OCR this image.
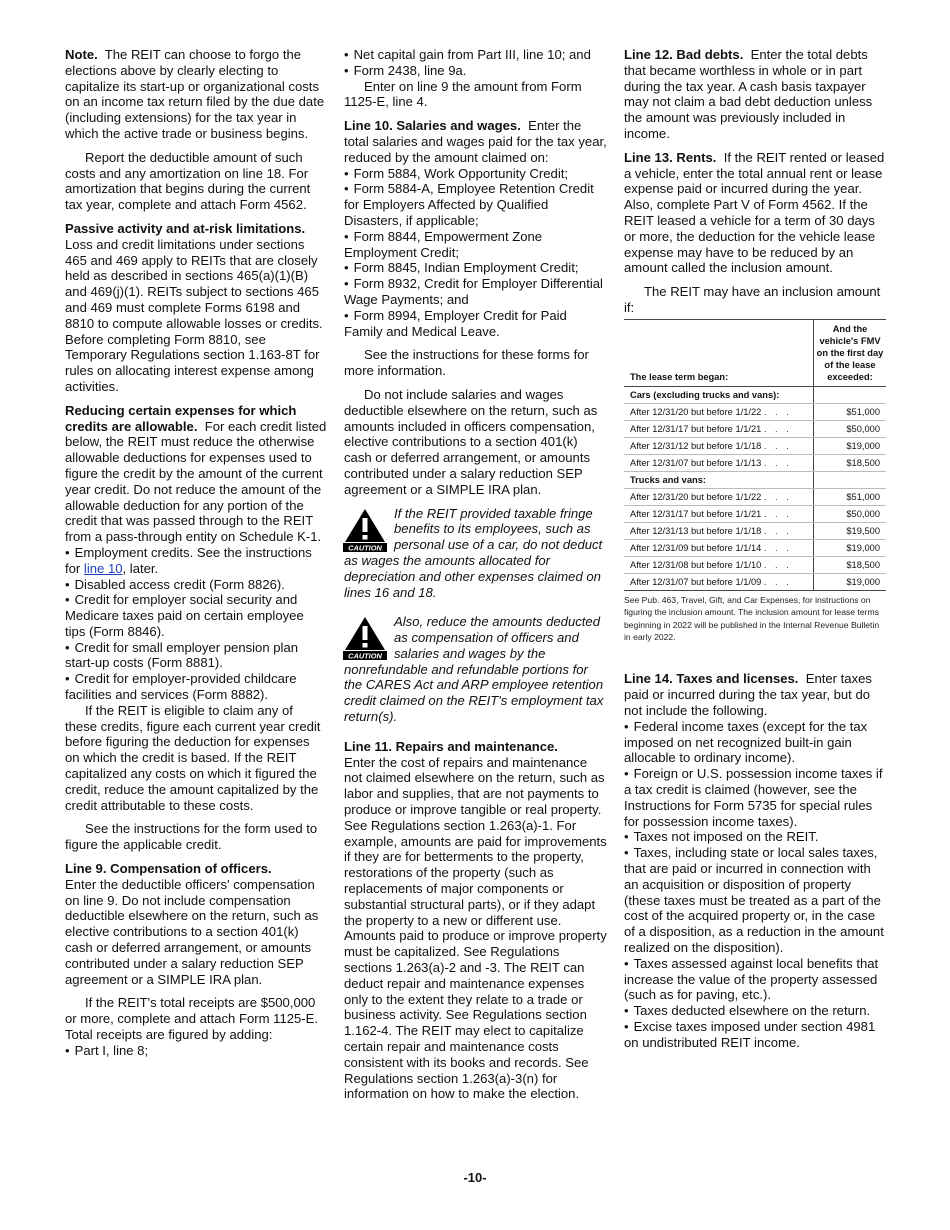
Note. The REIT can choose to forgo the elections above by clearly electing to capitalize its start-up or organizational costs on an income tax return filed by the due date (including extensions) for the tax year in which the active trade or business begins.

Report the deductible amount of such costs and any amortization on line 18. For amortization that begins during the current tax year, complete and attach Form 4562.

Passive activity and at-risk limitations. Loss and credit limitations under sections 465 and 469 apply to REITs that are closely held as described in sections 465(a)(1)(B) and 469(j)(1). REITs subject to sections 465 and 469 must complete Forms 6198 and 8810 to compute allowable losses or credits. Before completing Form 8810, see Temporary Regulations section 1.163-8T for rules on allocating interest expense among activities.

Reducing certain expenses for which credits are allowable. For each credit listed below, the REIT must reduce the otherwise allowable deductions for expenses used to figure the credit by the amount of the current year credit. Do not reduce the amount of the allowable deduction for any portion of the credit that was passed through to the REIT from a pass-through entity on Schedule K-1.

• Employment credits. See the instructions for line 10, later.
• Disabled access credit (Form 8826).
• Credit for employer social security and Medicare taxes paid on certain employee tips (Form 8846).
• Credit for small employer pension plan start-up costs (Form 8881).
• Credit for employer-provided childcare facilities and services (Form 8882).

If the REIT is eligible to claim any of these credits, figure each current year credit before figuring the deduction for expenses on which the credit is based. If the REIT capitalized any costs on which it figured the credit, reduce the amount capitalized by the credit attributable to these costs.

See the instructions for the form used to figure the applicable credit.

Line 9. Compensation of officers.
Enter the deductible officers' compensation on line 9. Do not include compensation deductible elsewhere on the return, such as elective contributions to a section 401(k) cash or deferred arrangement, or amounts contributed under a salary reduction SEP agreement or a SIMPLE IRA plan.

If the REIT's total receipts are $500,000 or more, complete and attach Form 1125-E. Total receipts are figured by adding:

• Part I, line 8;
• Net capital gain from Part III, line 10; and
• Form 2438, line 9a.

Enter on line 9 the amount from Form 1125-E, line 4.

Line 10. Salaries and wages. Enter the total salaries and wages paid for the tax year, reduced by the amount claimed on:

• Form 5884, Work Opportunity Credit;
• Form 5884-A, Employee Retention Credit for Employers Affected by Qualified Disasters, if applicable;
• Form 8844, Empowerment Zone Employment Credit;
• Form 8845, Indian Employment Credit;
• Form 8932, Credit for Employer Differential Wage Payments; and
• Form 8994, Employer Credit for Paid Family and Medical Leave.

See the instructions for these forms for more information.

Do not include salaries and wages deductible elsewhere on the return, such as amounts included in officers compensation, elective contributions to a section 401(k) cash or deferred arrangement, or amounts contributed under a salary reduction SEP agreement or a SIMPLE IRA plan.

CAUTION
If the REIT provided taxable fringe benefits to its employees, such as personal use of a car, do not deduct as wages the amounts allocated for depreciation and other expenses claimed on lines 16 and 18.
CAUTION
Also, reduce the amounts deducted as compensation of officers and salaries and wages by the nonrefundable and refundable portions for the CARES Act and ARP employee retention credit claimed on the REIT's employment tax return(s).

Line 11. Repairs and maintenance.
Enter the cost of repairs and maintenance not claimed elsewhere on the return, such as labor and supplies, that are not payments to produce or improve tangible or real property. See Regulations section 1.263(a)-1. For example, amounts are paid for improvements if they are for betterments to the property, restorations of the property (such as replacements of major components or substantial structural parts), or if they adapt the property to a new or different use. Amounts paid to produce or improve property must be capitalized. See Regulations sections 1.263(a)-2 and -3. The REIT can deduct repair and maintenance expenses only to the extent they relate to a trade or business activity. See Regulations section 1.162-4. The REIT may elect to capitalize certain repair and maintenance costs consistent with its books and records. See Regulations section 1.263(a)-3(n) for information on how to make the election.

Line 12. Bad debts. Enter the total debts that became worthless in whole or in part during the tax year. A cash basis taxpayer may not claim a bad debt deduction unless the amount was previously included in income.

Line 13. Rents. If the REIT rented or leased a vehicle, enter the total annual rent or lease expense paid or incurred during the year. Also, complete Part V of Form 4562. If the REIT leased a vehicle for a term of 30 days or more, the deduction for the vehicle lease expense may have to be reduced by an amount called the inclusion amount.

The REIT may have an inclusion amount if:

The lease term began:	And the vehicle's FMV on the first day of the lease exceeded:
Cars (excluding trucks and vans):	
After 12/31/20 but before 1/1/22 . . .	$51,000
After 12/31/17 but before 1/1/21 . . .	$50,000
After 12/31/12 but before 1/1/18 . . .	$19,000
After 12/31/07 but before 1/1/13 . . .	$18,500
Trucks and vans:	
After 12/31/20 but before 1/1/22 . . .	$51,000
After 12/31/17 but before 1/1/21 . . .	$50,000
After 12/31/13 but before 1/1/18 . . .	$19,500
After 12/31/09 but before 1/1/14 . . .	$19,000
After 12/31/08 but before 1/1/10 . . .	$18,500
After 12/31/07 but before 1/1/09 . . .	$19,000
See Pub. 463, Travel, Gift, and Car Expenses, for instructions on figuring the inclusion amount. The inclusion amount for lease terms beginning in 2022 will be published in the Internal Revenue Bulletin in early 2022.

Line 14. Taxes and licenses. Enter taxes paid or incurred during the tax year, but do not include the following.

• Federal income taxes (except for the tax imposed on net recognized built-in gain allocable to ordinary income).
• Foreign or U.S. possession income taxes if a tax credit is claimed (however, see the Instructions for Form 5735 for special rules for possession income taxes).
• Taxes not imposed on the REIT.
• Taxes, including state or local sales taxes, that are paid or incurred in connection with an acquisition or disposition of property (these taxes must be treated as a part of the cost of the acquired property or, in the case of a disposition, as a reduction in the amount realized on the disposition).
• Taxes assessed against local benefits that increase the value of the property assessed (such as for paving, etc.).
• Taxes deducted elsewhere on the return.
• Excise taxes imposed under section 4981 on undistributed REIT income.
-10-
